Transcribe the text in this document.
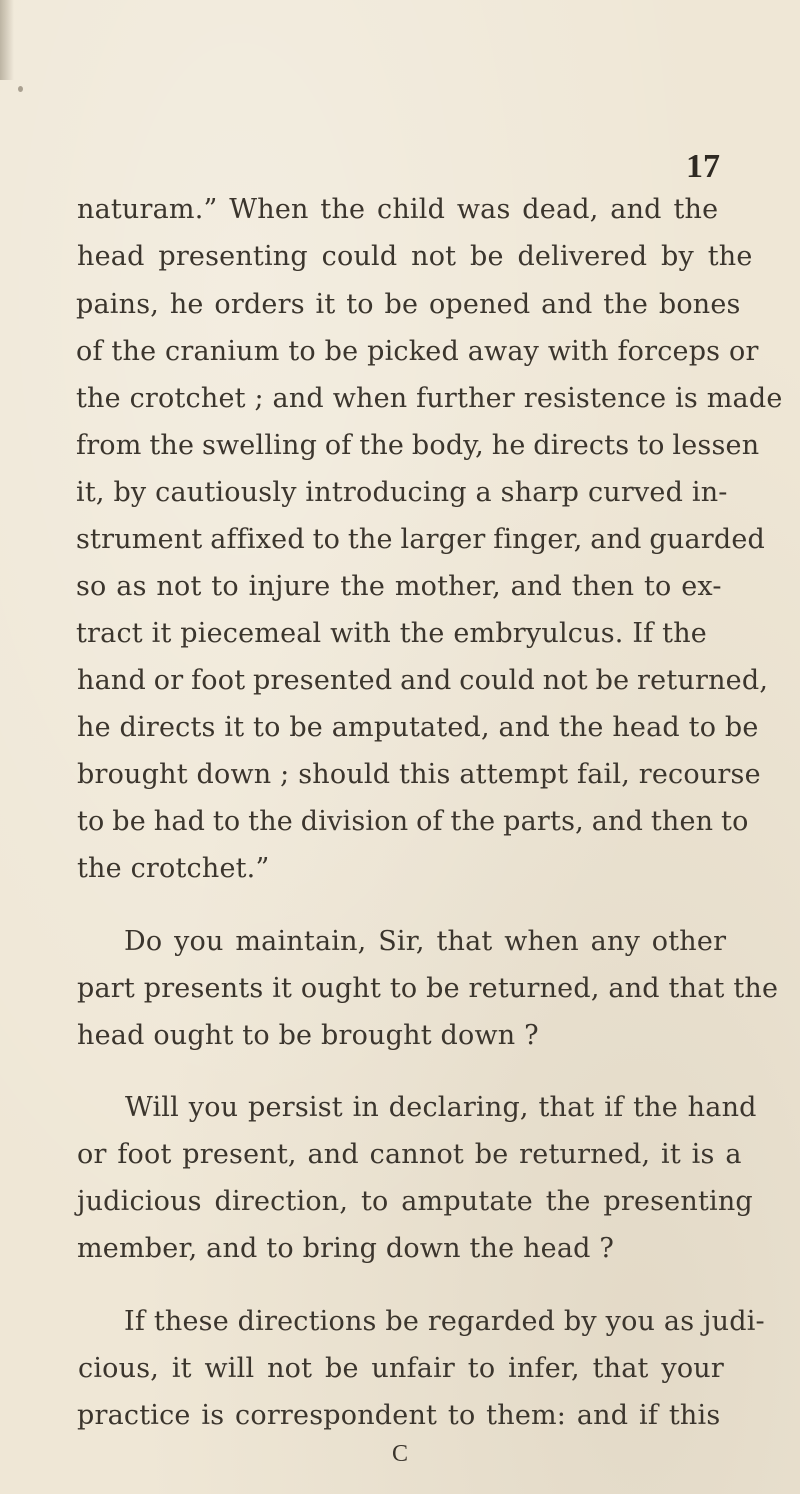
17

naturam.” When the child was dead, and the

head presenting could not be delivered by the

pains, he orders it to be opened and the bones

of the cranium to be picked away with forceps or

the crotchet ; and when further resistence is made

from the swelling of the body, he directs to lessen

it, by cautiously introducing a sharp curved in-

strument affixed to the larger finger, and guarded

so as not to injure the mother, and then to ex-

tract it piecemeal with the embryulcus. If the

hand or foot presented and could not be returned,

he directs it to be amputated, and the head to be

brought down ; should this attempt fail, recourse

to be had to the division of the parts, and then to

the crotchet.”

Do you maintain, Sir, that when any other

part presents it ought to be returned, and that the

head ought to be brought down ?

Will you persist in declaring, that if the hand

or foot present, and cannot be returned, it is a

judicious direction, to amputate the presenting

member, and to bring down the head ?

If these directions be regarded by you as judi-

cious, it will not be unfair to infer, that your

practice is correspondent to them: and if this

C
